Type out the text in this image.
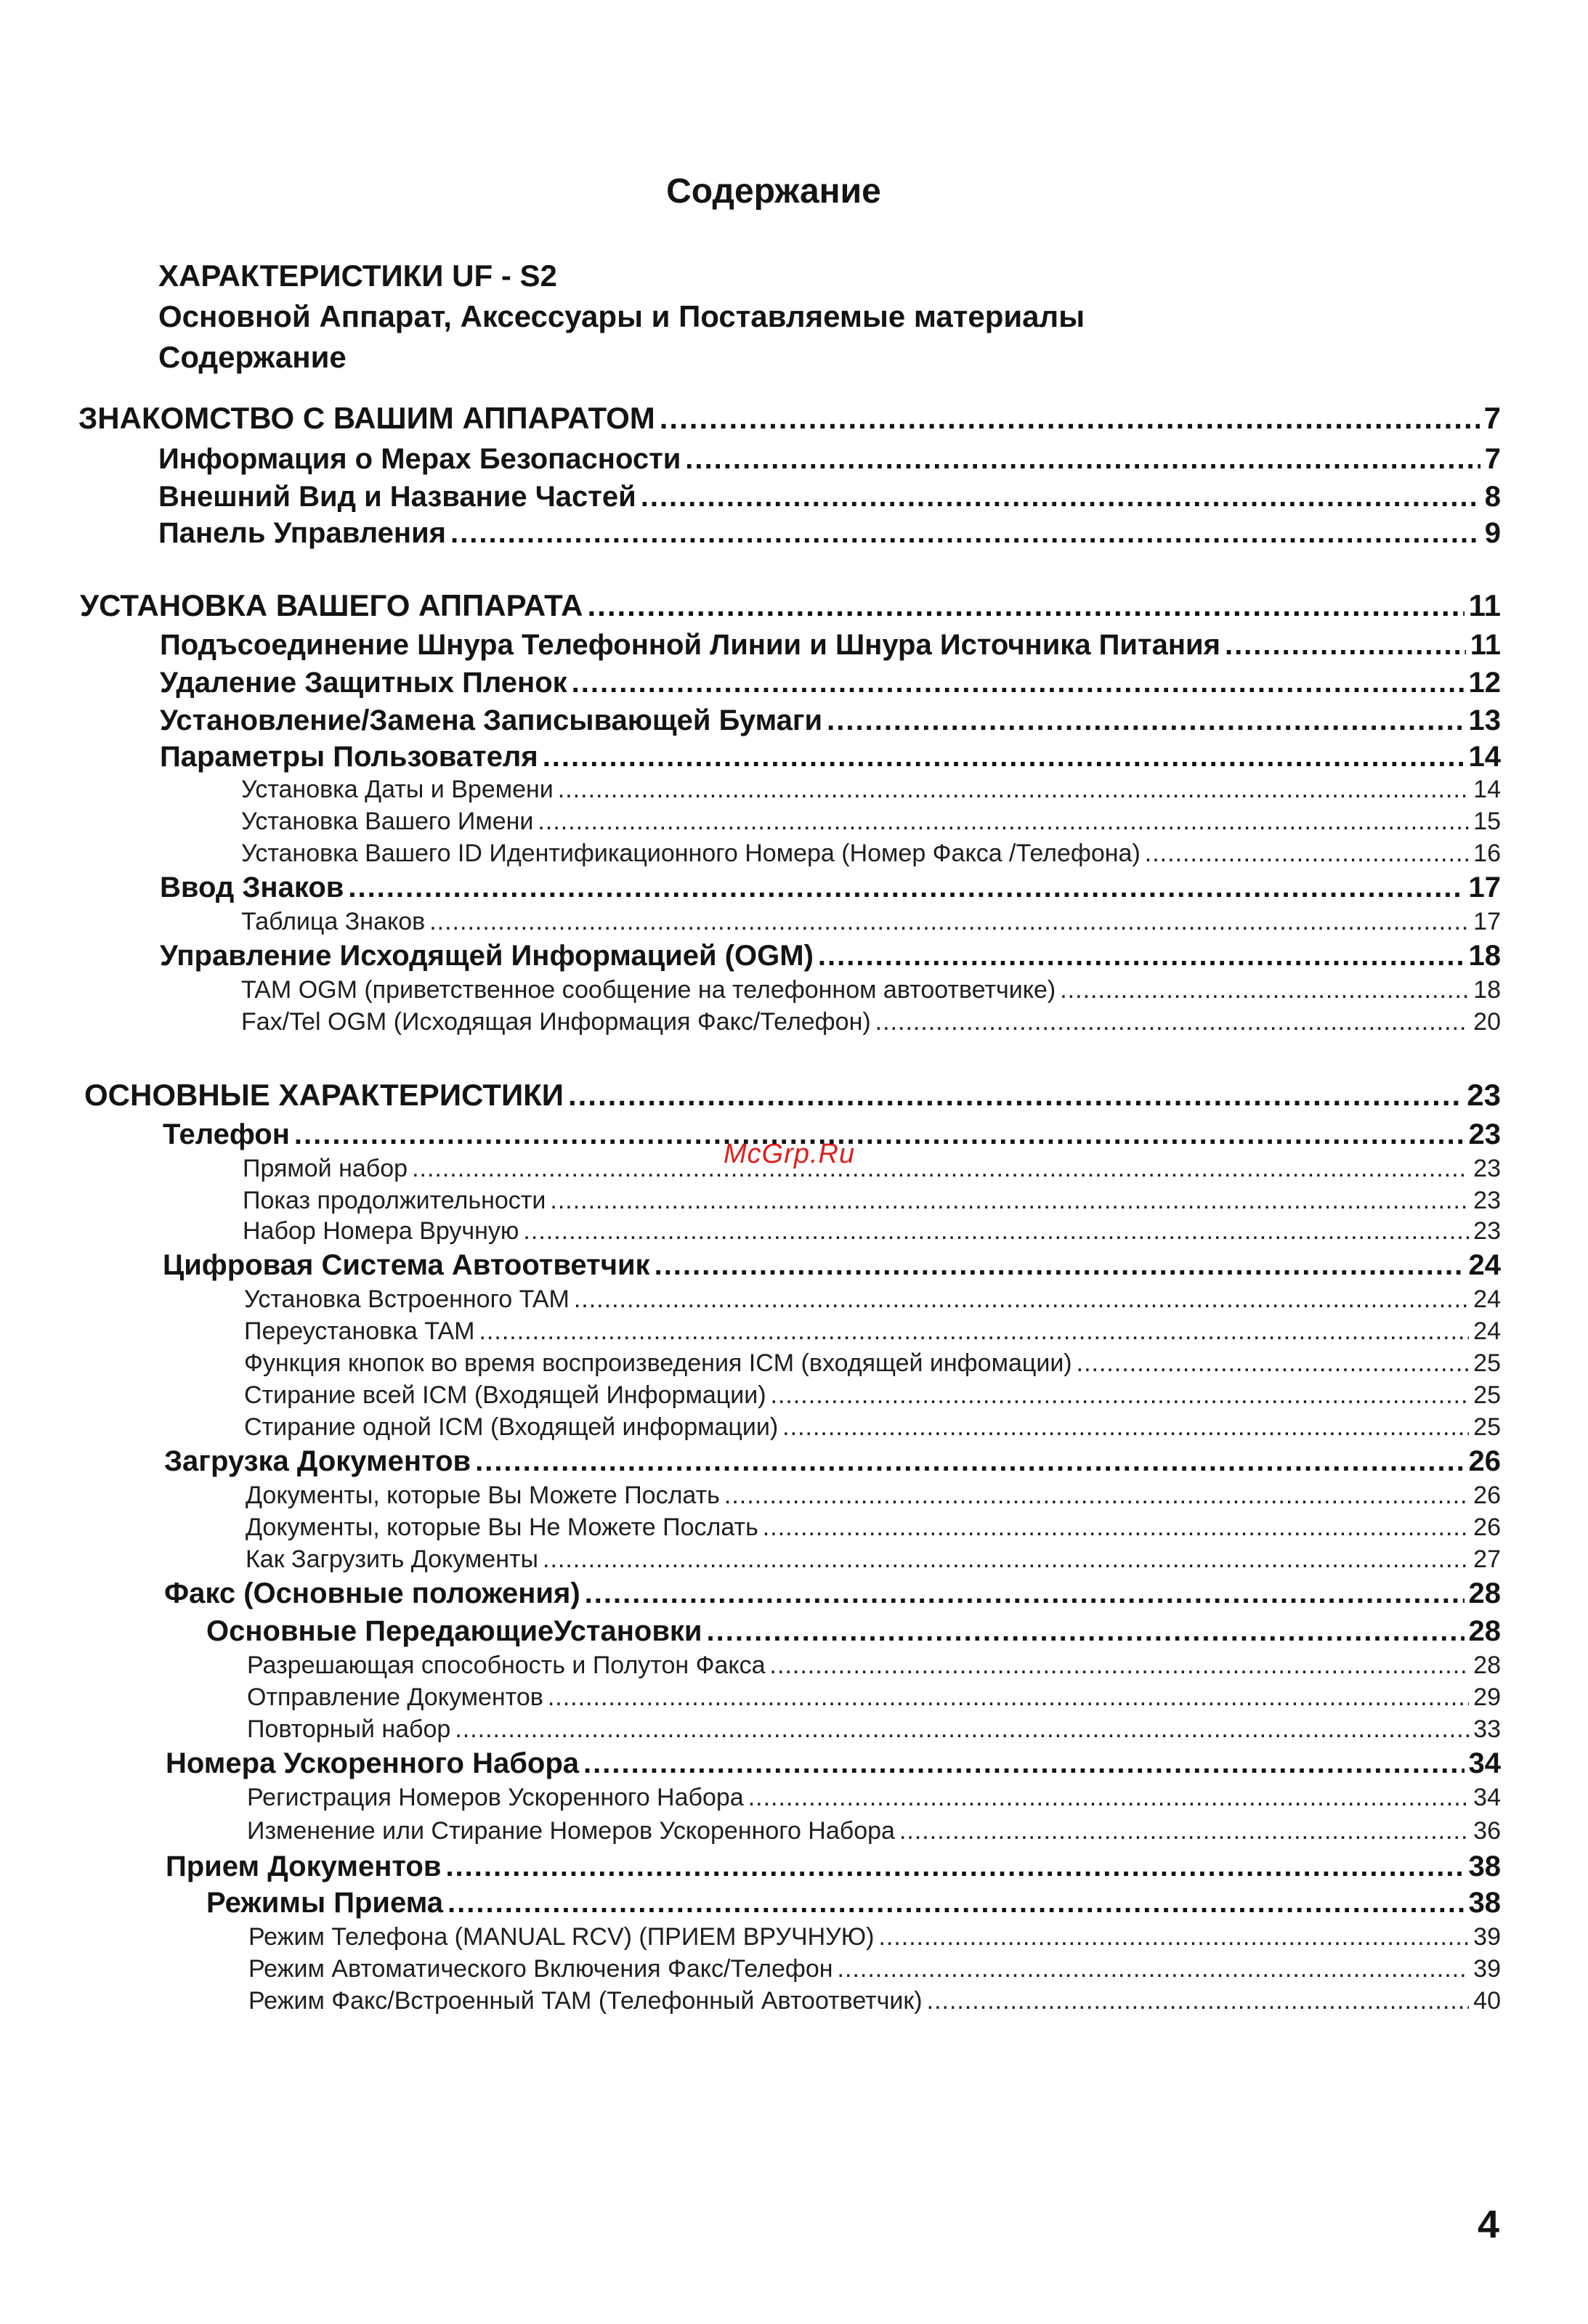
Содержание
ХАРАКТЕРИСТИКИ UF - S2
Основной Аппарат, Аксессуары и Поставляемые материалы
Содержание
McGrp.Ru
ЗНАКОМСТВО С ВАШИМ АППАРАТОМ .....	7
Информация о Мерах Безопасности .....	7
Внешний Вид и Название Частей .....	8
Панель Управления .....	9
УСТАНОВКА ВАШЕГО АППАРАТА .....	11
Подъсоединение Шнура Телефонной Линии и Шнура Источника Питания .....	11
Удаление Защитных Пленок .....	12
Установление/Замена Записывающей Бумаги .....	13
Параметры Пользователя .....	14
Установка Даты и Времени .....	14
Установка Вашего Имени .....	15
Установка Вашего ID Идентификационного Номера (Номер Факса /Телефона) .....	16
Ввод Знаков .....	17
Таблица Знаков .....	17
Управление Исходящей Информацией (OGM) .....	18
TAM OGM (приветственное сообщение на телефонном автоответчике) .....	18
Fax/Tel OGM (Исходящая Информация Факс/Телефон) .....	20
ОСНОВНЫЕ ХАРАКТЕРИСТИКИ .....	23
Телефон .....	23
Прямой набор .....	23
Показ продолжительности .....	23
Набор Номера Вручную .....	23
Цифровая Система Автоответчик .....	24
Установка Встроенного TAM .....	24
Переустановка TAM .....	24
Функция кнопок во время воспроизведения ICM (входящей инфомации) .....	25
Стирание всей ICM (Входящей Информации) .....	25
Стирание одной ICM (Входящей информации) .....	25
Загрузка Документов .....	26
Документы, которые Вы Можете Послать .....	26
Документы, которые Вы Не Можете Послать .....	26
Как Загрузить Документы .....	27
Факс (Основные положения) .....	28
Основные ПередающиеУстановки .....	28
Разрешающая способность и Полутон Факса .....	28
Отправление Документов .....	29
Повторный набор .....	33
Номера Ускоренного Набора .....	34
Регистрация Номеров Ускоренного Набора .....	34
Изменение или Стирание Номеров Ускоренного Набора .....	36
Прием Документов .....	38
Режимы Приема .....	38
Режим Телефона (MANUAL RCV) (ПРИЕМ ВРУЧНУЮ) .....	39
Режим Автоматического Включения Факс/Телефон .....	39
Режим Факс/Встроенный TAM (Телефонный Автоответчик) .....	40
4
